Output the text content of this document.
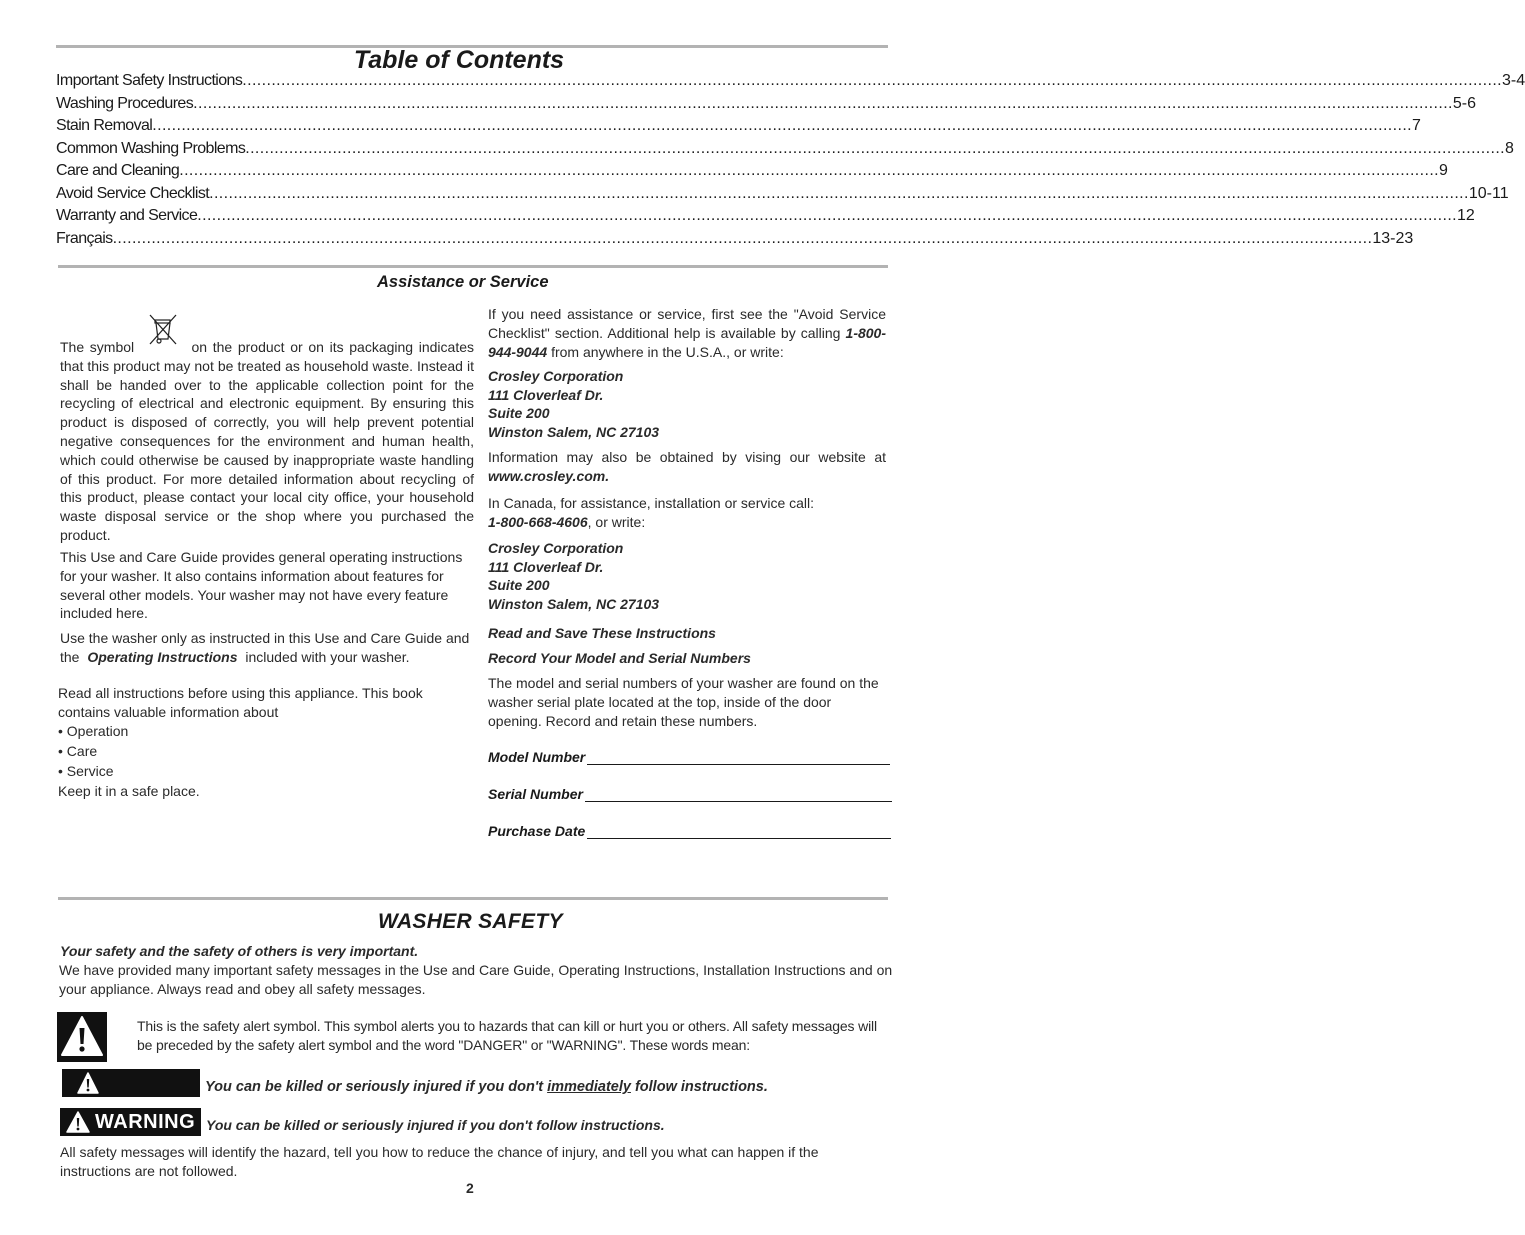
Table of Contents
Important Safety Instructions .................................................................................................................................................................................................................................................................... 3-4
Washing Procedures .................................................................................................................................................................................................................................................................... 5-6
Stain Removal .................................................................................................................................................................................................................................................................... 7
Common Washing Problems .................................................................................................................................................................................................................................................................... 8
Care and Cleaning .................................................................................................................................................................................................................................................................... 9
Avoid Service Checklist .................................................................................................................................................................................................................................................................... 10-11
Warranty and Service .................................................................................................................................................................................................................................................................... 12
Français .................................................................................................................................................................................................................................................................... 13-23
Assistance or Service
The symbol	on the product or on its packaging indicates that this product may not be treated as household waste. Instead it shall be handed over to the applicable collection point for the recycling of electrical and electronic equipment. By ensuring this product is disposed of correctly, you will help prevent potential negative consequences for the environment and human health, which could otherwise be caused by inappropriate waste handling of this product. For more detailed information about recycling of this product, please contact your local city office, your household waste disposal service or the shop where you purchased the product.
This Use and Care Guide provides general operating instructions for your washer. It also contains information about features for several other models. Your washer may not have every feature included here.
Use the washer only as instructed in this Use and Care Guide and the Operating Instructions included with your washer.
Read all instructions before using this appliance. This book contains valuable information about
• Operation
• Care
• Service
Keep it in a safe place.
If you need assistance or service, first see the "Avoid Service Checklist" section. Additional help is available by calling 1-800-944-9044 from anywhere in the U.S.A., or write:
Crosley Corporation
111 Cloverleaf Dr.
Suite 200
Winston Salem, NC 27103
Information may also be obtained by vising our website at www.crosley.com.
In Canada, for assistance, installation or service call:
1-800-668-4606, or write:
Crosley Corporation
111 Cloverleaf Dr.
Suite 200
Winston Salem, NC 27103
Read and Save These Instructions
Record Your Model and Serial Numbers
The model and serial numbers of your washer are found on the washer serial plate located at the top, inside of the door opening. Record and retain these numbers.
Model Number
Serial Number
Purchase Date
WASHER SAFETY
Your safety and the safety of others is very important.
We have provided many important safety messages in the Use and Care Guide, Operating Instructions, Installation Instructions and on your appliance. Always read and obey all safety messages.
This is the safety alert symbol. This symbol alerts you to hazards that can kill or hurt you or others. All safety messages will be preceded by the safety alert symbol and the word "DANGER" or "WARNING". These words mean:
You can be killed or seriously injured if you don't immediately follow instructions.
WARNING You can be killed or seriously injured if you don't follow instructions.
All safety messages will identify the hazard, tell you how to reduce the chance of injury, and tell you what can happen if the instructions are not followed.
2
